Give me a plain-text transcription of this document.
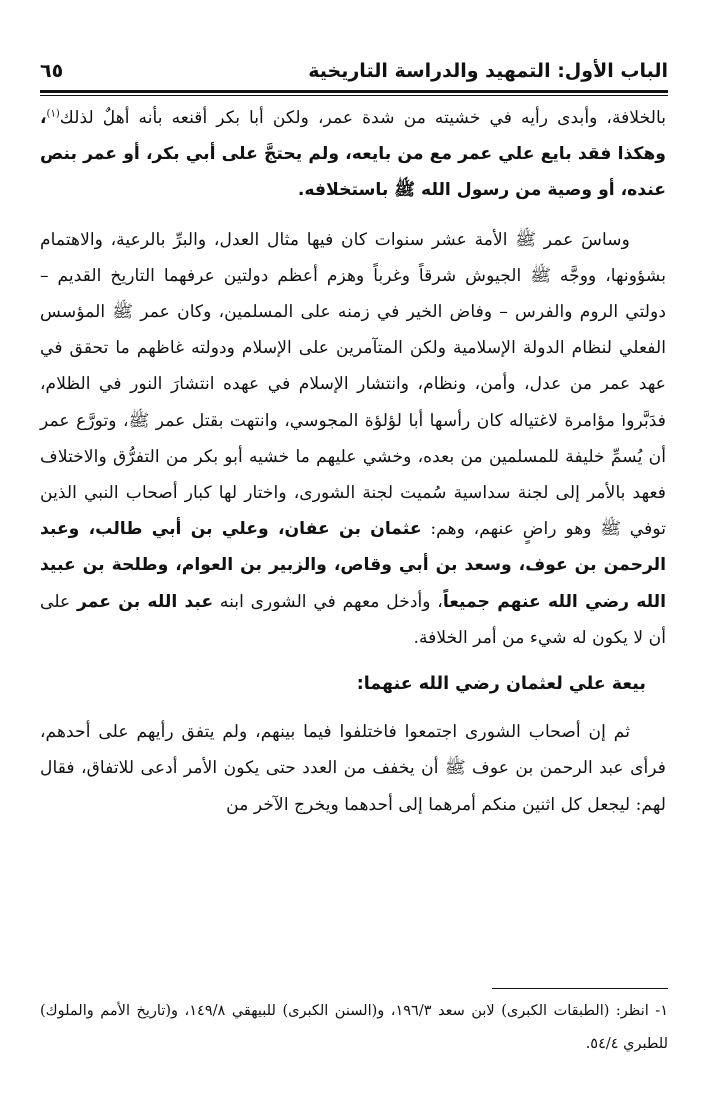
الباب الأول: التمهيد والدراسة التاريخية
٦٥

بالخلافة، وأبدى رأيه في خشيته من شدة عمر، ولكن أبا بكر أقنعه بأنه أهلٌ لذلك$^{(١)}$، وهكذا فقد بايع علي عمر مع من بايعه، ولم يحتجَّ على أبي بكر، أو عمر بنص عنده، أو وصية من رسول الله ﷺ باستخلافه.

وساسَ عمر ﷺ الأمة عشر سنوات كان فيها مثال العدل، والبرِّ بالرعية، والاهتمام بشؤونها، ووجَّه ﷺ الجيوش شرقاً وغرباً وهزم أعظم دولتين عرفهما التاريخ القديم – دولتي الروم والفرس – وفاض الخير في زمنه على المسلمين، وكان عمر ﷺ المؤسس الفعلي لنظام الدولة الإسلامية ولكن المتآمرين على الإسلام ودولته غاظهم ما تحقق في عهد عمر من عدل، وأمن، ونظام، وانتشار الإسلام في عهده انتشارَ النور في الظلام، فدَبَّروا مؤامرة لاغتياله كان رأسها أبا لؤلؤة المجوسي، وانتهت بقتل عمر ﷺ، وتورَّع عمر أن يُسمِّ خليفة للمسلمين من بعده، وخشي عليهم ما خشيه أبو بكر من التفرُّق والاختلاف فعهد بالأمر إلى لجنة سداسية سُميت لجنة الشورى، واختار لها كبار أصحاب النبي الذين توفي ﷺ وهو راضٍ عنهم، وهم: عثمان بن عفان، وعلي بن أبي طالب، وعبد الرحمن بن عوف، وسعد بن أبي وقاص، والزبير بن العوام، وطلحة بن عبيد الله رضي الله عنهم جميعاً، وأدخل معهم في الشورى ابنه عبد الله بن عمر على أن لا يكون له شيء من أمر الخلافة.

بيعة علي لعثمان رضي الله عنهما:

ثم إن أصحاب الشورى اجتمعوا فاختلفوا فيما بينهم، ولم يتفق رأيهم على أحدهم، فرأى عبد الرحمن بن عوف ﷺ أن يخفف من العدد حتى يكون الأمر أدعى للاتفاق، فقال لهم: ليجعل كل اثنين منكم أمرهما إلى أحدهما ويخرج الآخر من

١- انظر: (الطبقات الكبرى) لابن سعد ١٩٦/٣، و(السنن الكبرى) للبيهقي ١٤٩/٨، و(تاريخ الأمم والملوك) للطبري ٥٤/٤.
